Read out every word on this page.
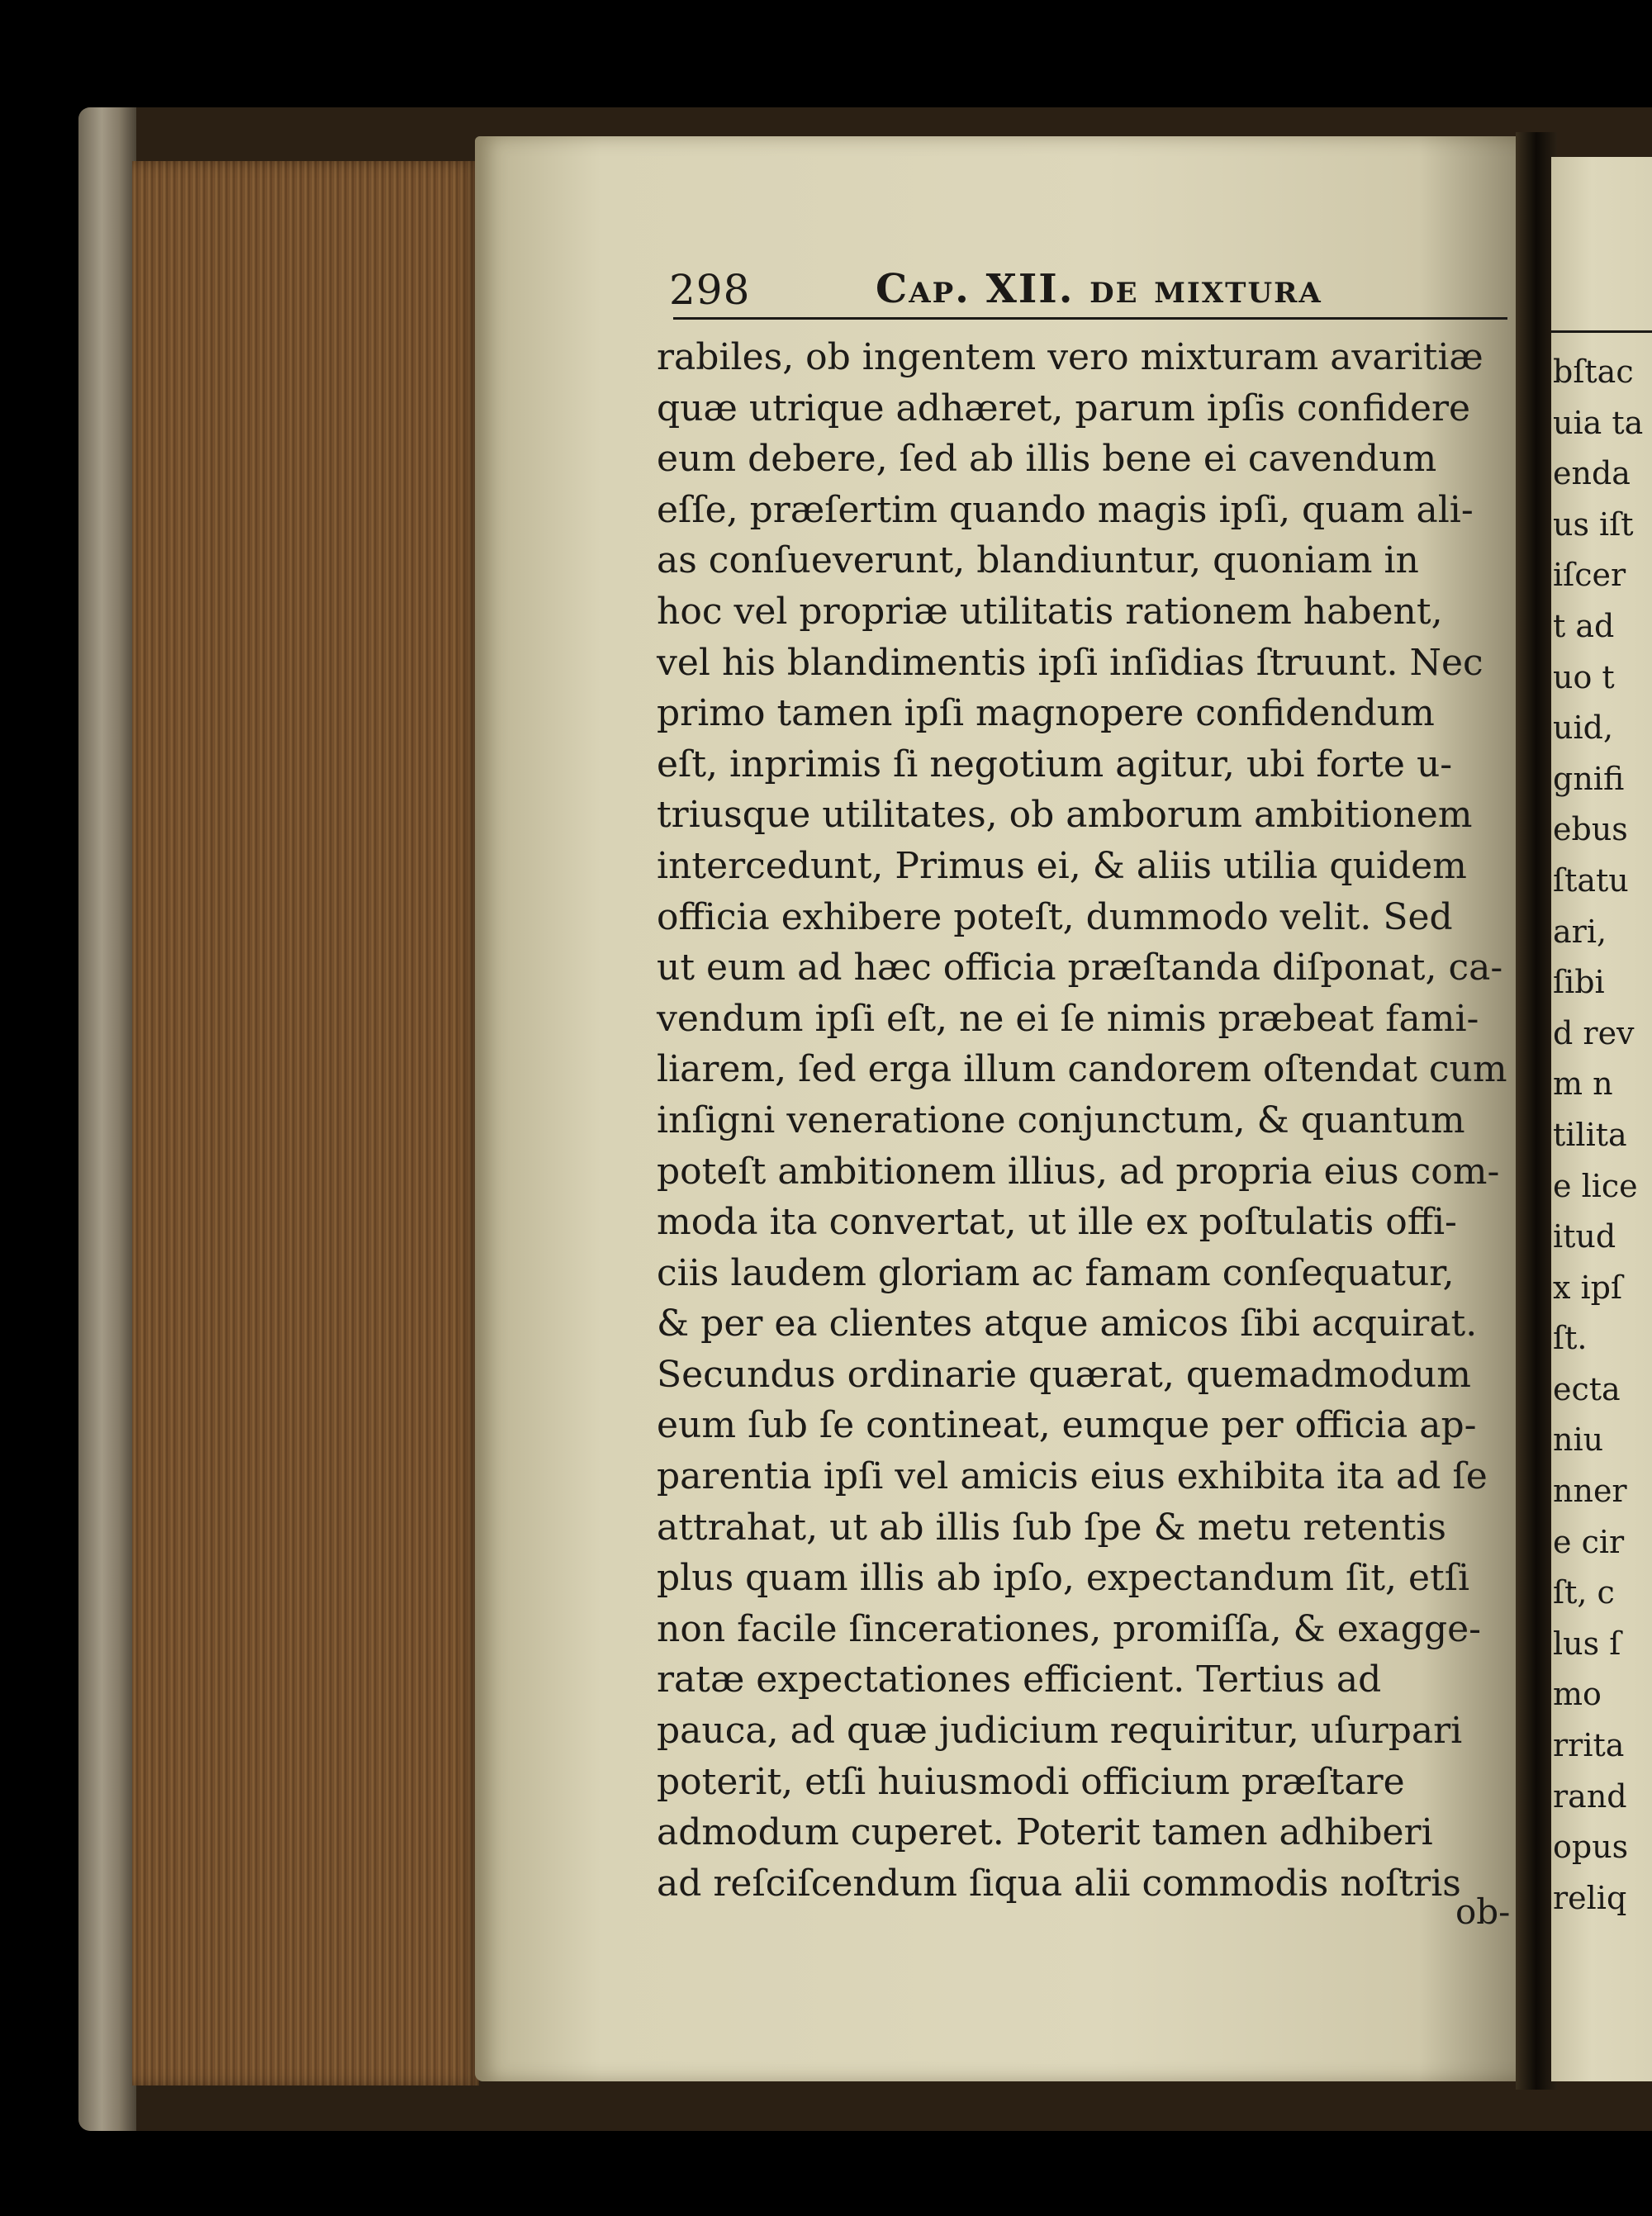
298	Cap. XII. de mixtura
rabiles, ob ingentem vero mixturam avaritiæ
quæ utrique adhæret, parum ipſis confidere
eum debere, ſed ab illis bene ei cavendum
eſſe, præſertim quando magis ipſi, quam ali-
as conſueverunt, blandiuntur, quoniam in
hoc vel propriæ utilitatis rationem habent,
vel his blandimentis ipſi inſidias ſtruunt. Nec
primo tamen ipſi magnopere confidendum
eſt, inprimis ſi negotium agitur, ubi forte u-
triusque utilitates, ob amborum ambitionem
intercedunt, Primus ei, & aliis utilia quidem
officia exhibere poteſt, dummodo velit. Sed
ut eum ad hæc officia præſtanda diſponat, ca-
vendum ipſi eſt, ne ei ſe nimis præbeat fami-
liarem, ſed erga illum candorem oſtendat cum
inſigni veneratione conjunctum, & quantum
poteſt ambitionem illius, ad propria eius com-
moda ita convertat, ut ille ex poſtulatis offi-
ciis laudem gloriam ac famam conſequatur,
& per ea clientes atque amicos ſibi acquirat.
Secundus ordinarie quærat, quemadmodum
eum ſub ſe contineat, eumque per officia ap-
parentia ipſi vel amicis eius exhibita ita ad ſe
attrahat, ut ab illis ſub ſpe & metu retentis
plus quam illis ab ipſo, expectandum ſit, etſi
non facile ſincerationes, promiſſa, & exagge-
ratæ expectationes efficient. Tertius ad
pauca, ad quæ judicium requiritur, uſurpari
poterit, etſi huiusmodi officium præſtare
admodum cuperet. Poterit tamen adhiberi
ad reſciſcendum ſiqua alii commodis noſtris
ob-
bſtac
uia ta
enda
us iſt
iſcer
t ad
uo t
uid,
gnifi
ebus
ſtatu
ari,
ſibi
d rev
m n
tilita
e lice
itud
x ipſ
ſt.
ecta
niu
nner
e cir
ſt, c
lus ſ
mo
rrita
rand
opus
reliq
